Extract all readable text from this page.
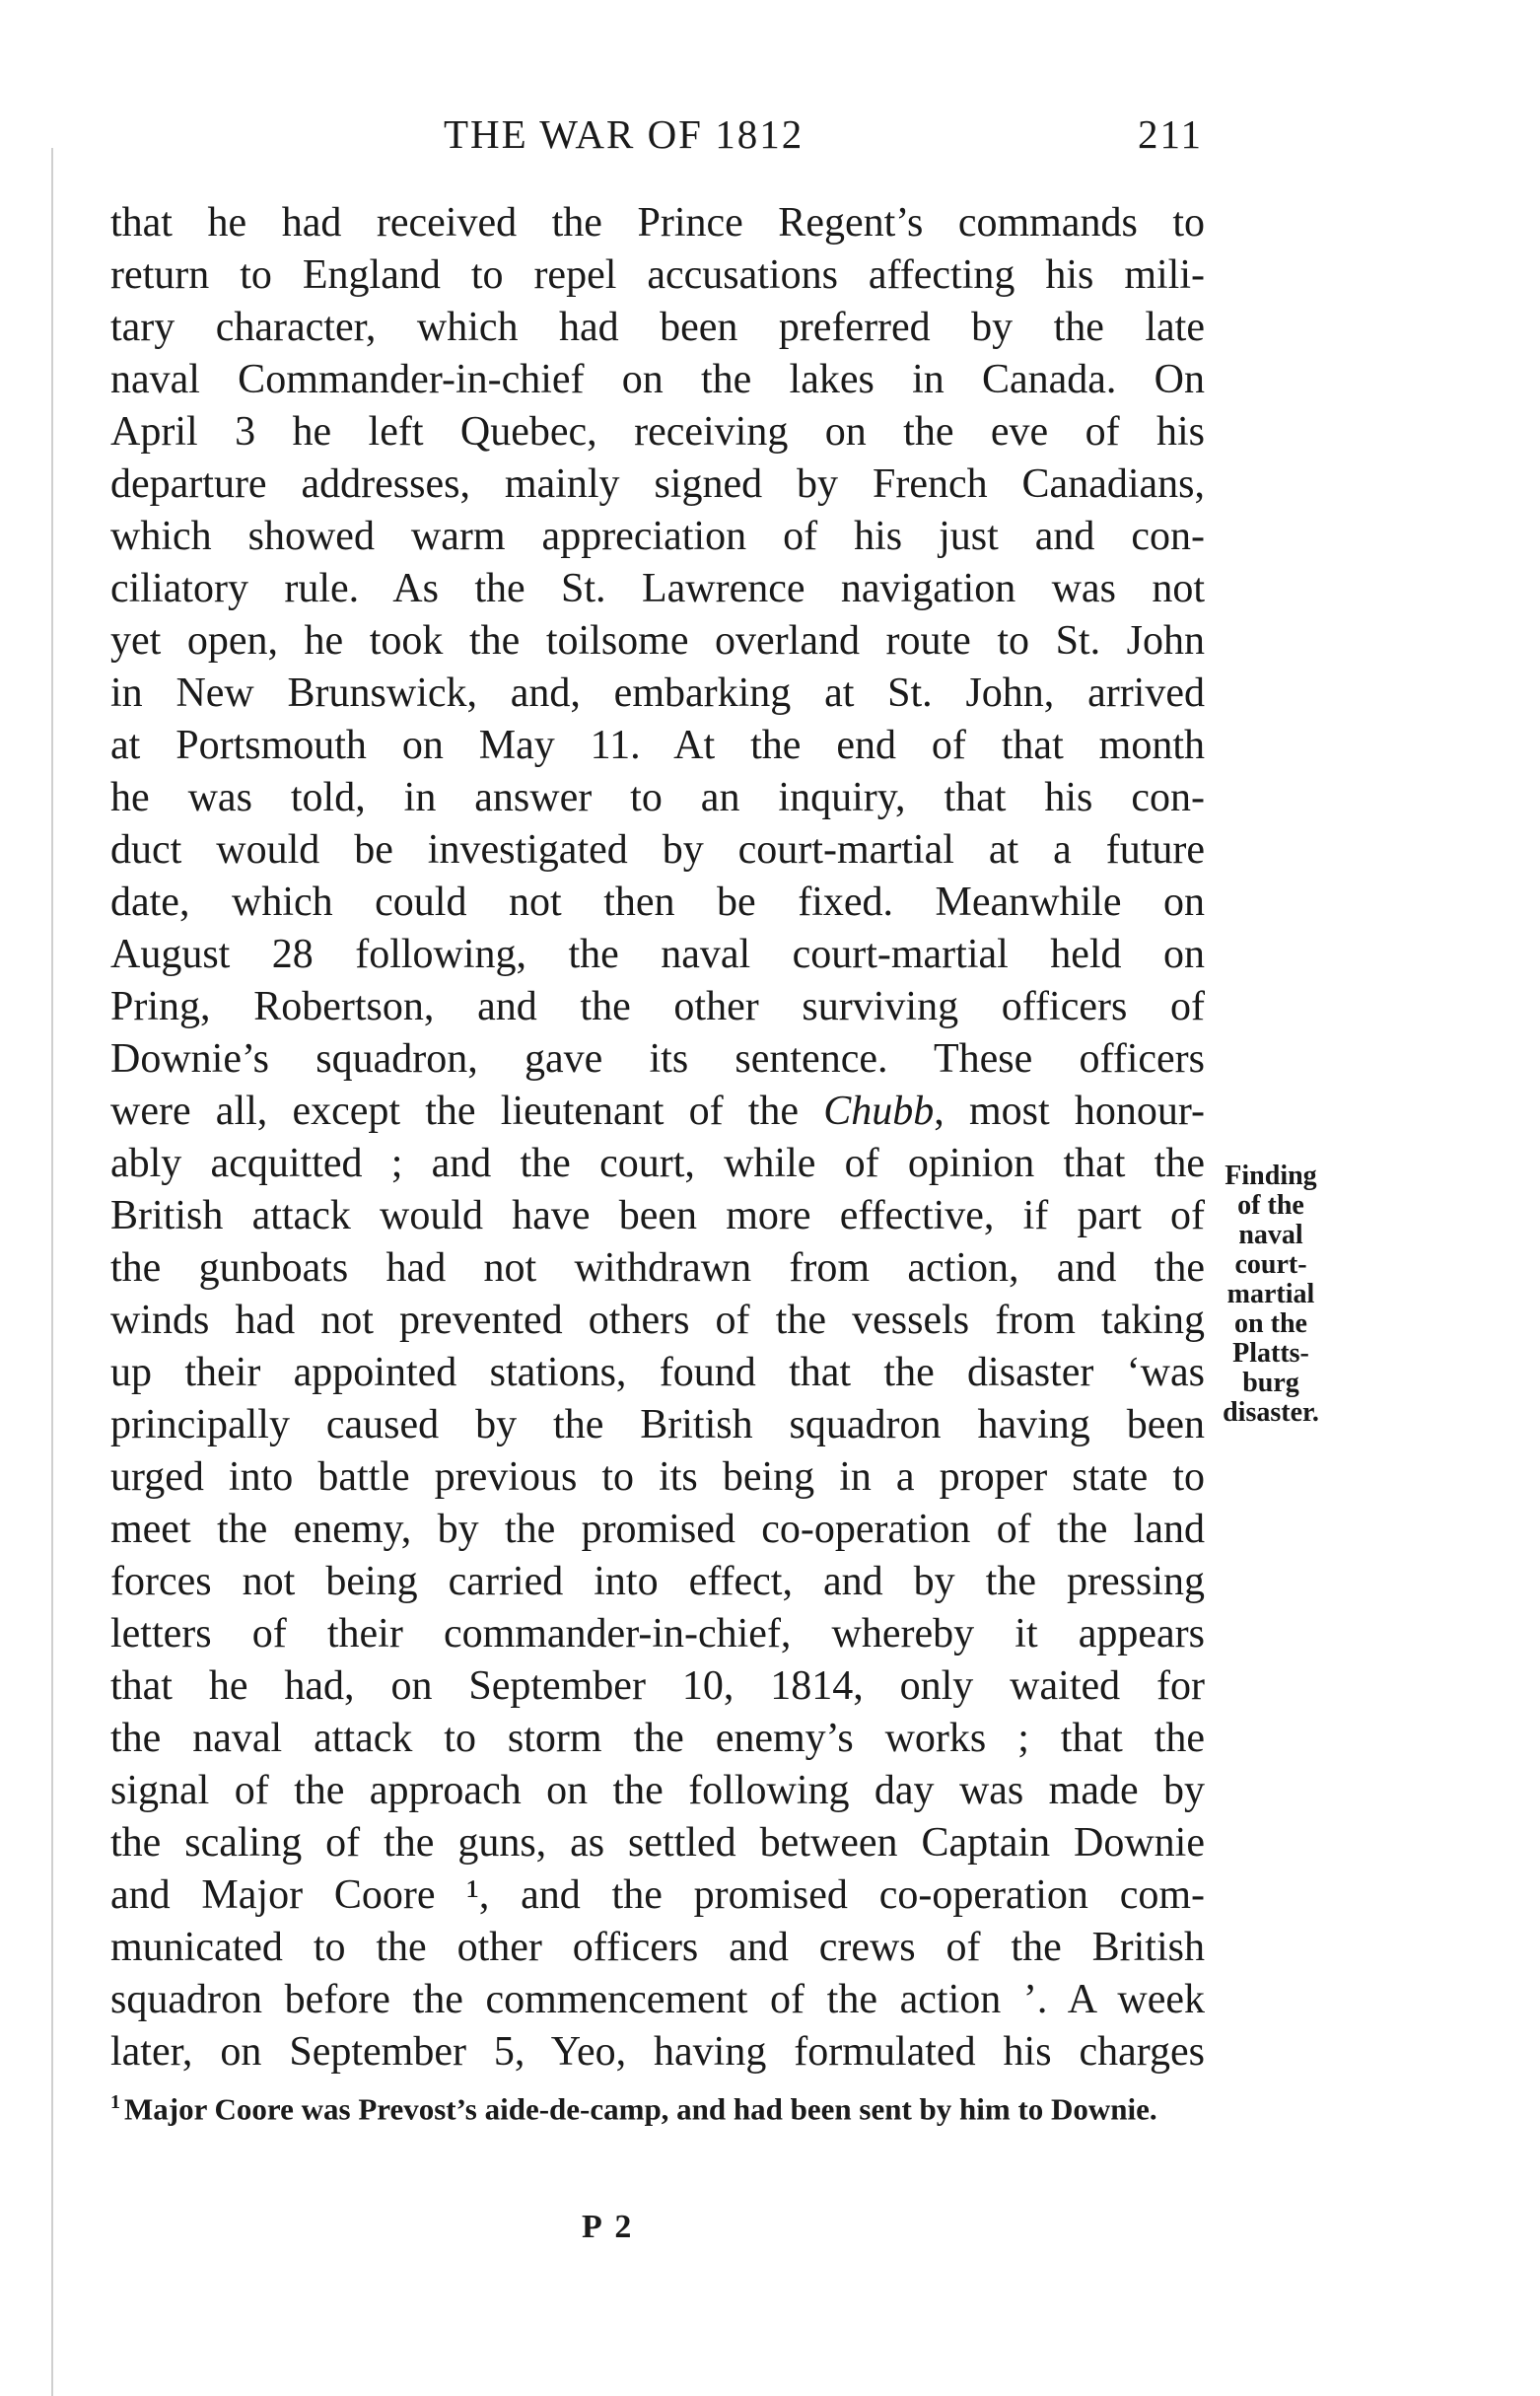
THE WAR OF 1812	211
that he had received the Prince Regent’s commands to
return to England to repel accusations affecting his mili-
tary character, which had been preferred by the late
naval Commander-in-chief on the lakes in Canada. On
April 3 he left Quebec, receiving on the eve of his
departure addresses, mainly signed by French Canadians,
which showed warm appreciation of his just and con-
ciliatory rule. As the St. Lawrence navigation was not
yet open, he took the toilsome overland route to St. John
in New Brunswick, and, embarking at St. John, arrived
at Portsmouth on May 11. At the end of that month
he was told, in answer to an inquiry, that his con-
duct would be investigated by court-martial at a future
date, which could not then be fixed. Meanwhile on
August 28 following, the naval court-martial held on
Pring, Robertson, and the other surviving officers of
Downie’s squadron, gave its sentence. These officers
were all, except the lieutenant of the Chubb, most honour-
ably acquitted ; and the court, while of opinion that the
British attack would have been more effective, if part of
the gunboats had not withdrawn from action, and the
winds had not prevented others of the vessels from taking
up their appointed stations, found that the disaster ‘was
principally caused by the British squadron having been
urged into battle previous to its being in a proper state to
meet the enemy, by the promised co-operation of the land
forces not being carried into effect, and by the pressing
letters of their commander-in-chief, whereby it appears
that he had, on September 10, 1814, only waited for
the naval attack to storm the enemy’s works ; that the
signal of the approach on the following day was made by
the scaling of the guns, as settled between Captain Downie
and Major Coore ¹, and the promised co-operation com-
municated to the other officers and crews of the British
squadron before the commencement of the action ’. A week
later, on September 5, Yeo, having formulated his charges
Finding
of the
naval
court-
martial
on the
Platts-
burg
disaster.
$^1$ Major Coore was Prevost’s aide-de-camp, and had been sent by him to Downie.
P 2
